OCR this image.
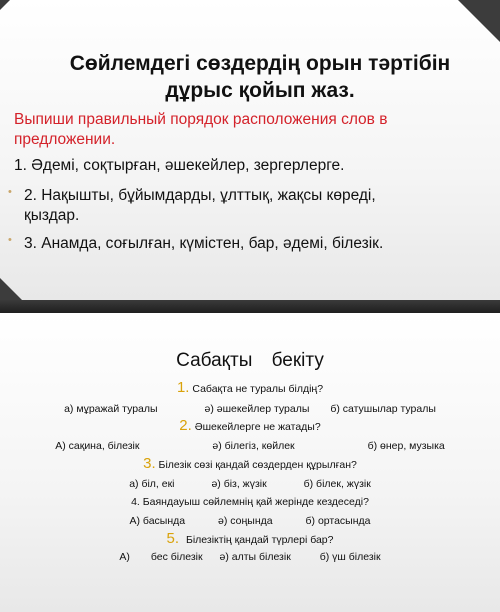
Сөйлемдегі сөздердің орын тәртібін
дұрыс қойып жаз.
Выпиши правильный порядок расположения слов в
предложении.
1. Әдемі, соқтырған, әшекейлер, зергерлерге.
• 2. Нақышты, бұйымдарды, ұлттық, жақсы көреді,
қыздар.
• 3. Анамда, соғылған, күмістен, бар, әдемі, білезік.
Сабақты бекіту
1. Сабақта не туралы білдің?
а) мұражай туралы	ә) әшекейлер туралы б) сатушылар туралы
2. Әшекейлерге не жатады?
А) сақина, білезік	ә) білегіз, көйлек	б) өнер, музыка
3. Білезік сөзі қандай сөздерден құрылған?
а) біл, екі	ә) біз, жүзік	б) білек, жүзік
4. Баяндауыш сөйлемнің қай жерінде кездеседі?
А) басында	ә) соңында	б) ортасында
5. Білезіктің қандай түрлері бар?
А) бес білезік ә) алты білезік	б) үш білезік
